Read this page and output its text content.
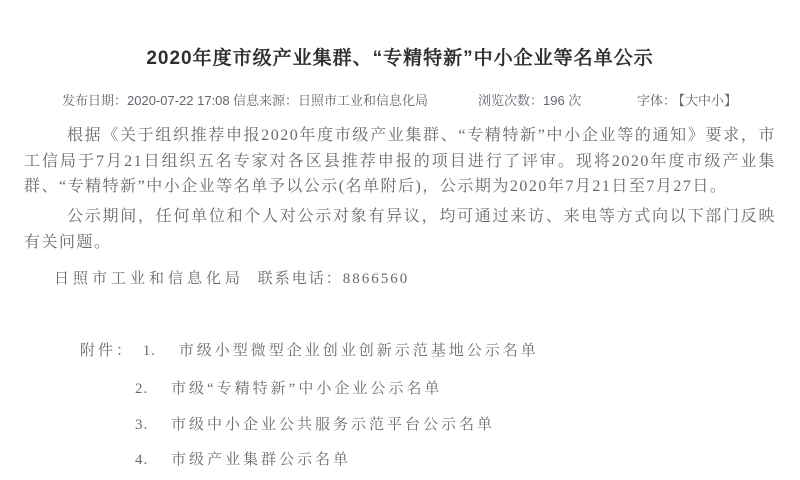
2020年度市级产业集群、“专精特新”中小企业等名单公示
发布日期：2020-07-22 17:08 信息来源：日照市工业和信息化局	浏览次数：196 次	字体：
【大中小】

根据《关于组织推荐申报2020年度市级产业集群、“专精特新”中小企业等的通知》要求，市工信局于7月21日组织五名专家对各区县推荐申报的项目进行了评审。现将2020年度市级产业集群、“专精特新”中小企业等名单予以公示(名单附后)，公示期为2020年7月21日至7月27日。

公示期间，任何单位和个人对公示对象有异议，均可通过来访、来电等方式向以下部门反映有关问题。

日照市工业和信息化局 联系电话：8866560
附件： 1. 市级小型微型企业创业创新示范基地公示名单
2. 市级“专精特新”中小企业公示名单
3. 市级中小企业公共服务示范平台公示名单
4. 市级产业集群公示名单
